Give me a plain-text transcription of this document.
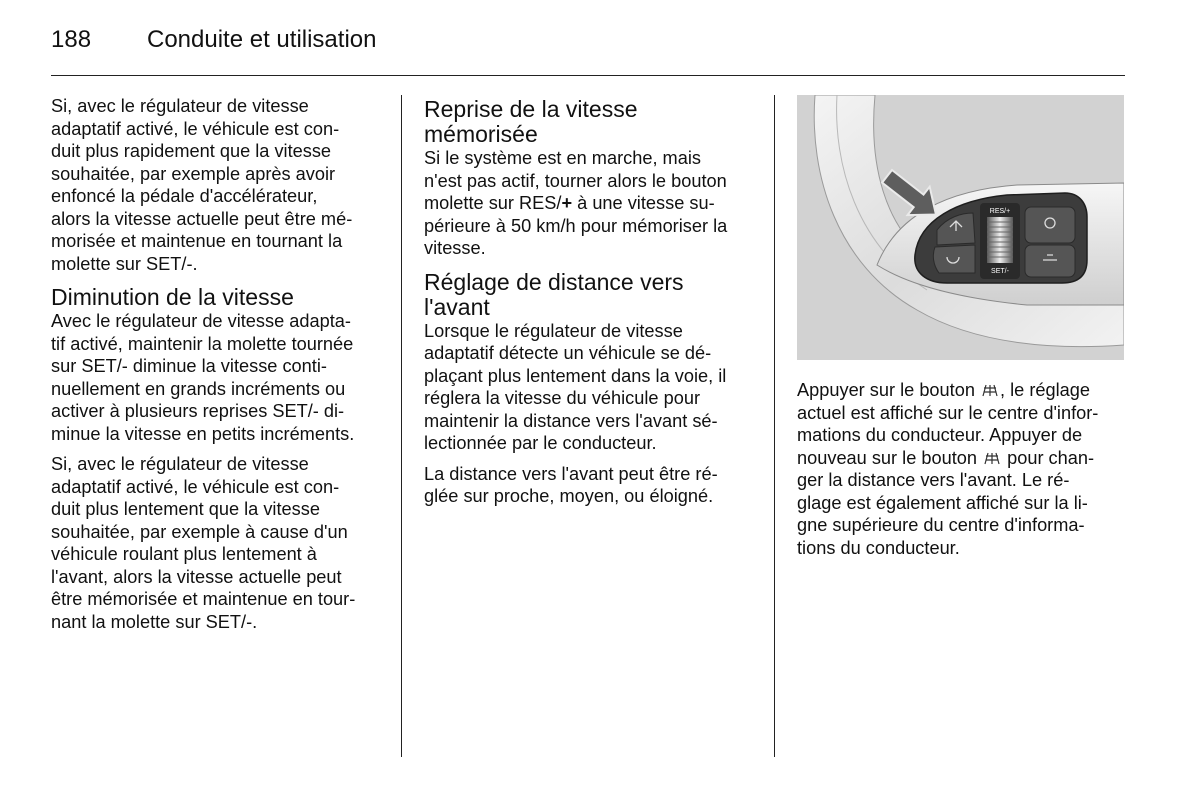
188 Conduite et utilisation

Si, avec le régulateur de vitesse
adaptatif activé, le véhicule est con‐
duit plus rapidement que la vitesse
souhaitée, par exemple après avoir
enfoncé la pédale d'accélérateur,
alors la vitesse actuelle peut être mé‐
morisée et maintenue en tournant la
molette sur SET/-.

Diminution de la vitesse

Avec le régulateur de vitesse adapta‐
tif activé, maintenir la molette tournée
sur SET/- diminue la vitesse conti‐
nuellement en grands incréments ou
activer à plusieurs reprises SET/- di‐
minue la vitesse en petits incréments.

Si, avec le régulateur de vitesse
adaptatif activé, le véhicule est con‐
duit plus lentement que la vitesse
souhaitée, par exemple à cause d'un
véhicule roulant plus lentement à
l'avant, alors la vitesse actuelle peut
être mémorisée et maintenue en tour‐
nant la molette sur SET/-.

Reprise de la vitesse
mémorisée

Si le système est en marche, mais
n'est pas actif, tourner alors le bouton
molette sur RES/+ à une vitesse su‐
périeure à 50 km/h pour mémoriser la
vitesse.

Réglage de distance vers
l'avant

Lorsque le régulateur de vitesse
adaptatif détecte un véhicule se dé‐
plaçant plus lentement dans la voie, il
réglera la vitesse du véhicule pour
maintenir la distance vers l'avant sé‐
lectionnée par le conducteur.

La distance vers l'avant peut être ré‐
glée sur proche, moyen, ou éloigné.

RES/+
SET/-

Appuyer sur le bouton , le réglage
actuel est affiché sur le centre d'infor‐
mations du conducteur. Appuyer de
nouveau sur le bouton  pour chan‐
ger la distance vers l'avant. Le ré‐
glage est également affiché sur la li‐
gne supérieure du centre d'informa‐
tions du conducteur.
